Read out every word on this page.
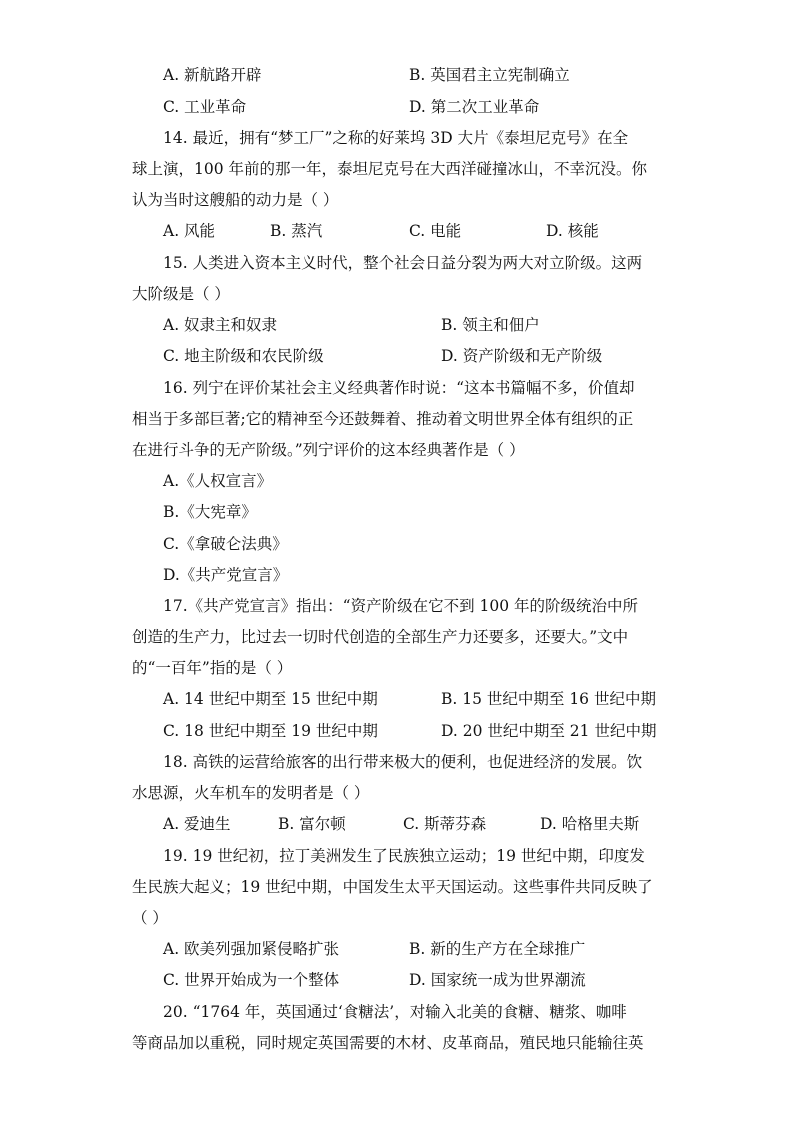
A. 新航路开辟	B. 英国君主立宪制确立
C. 工业革命	D. 第二次工业革命
14. 最近，拥有“梦工厂”之称的好莱坞 3D 大片《泰坦尼克号》在全
球上演，100 年前的那一年，泰坦尼克号在大西洋碰撞冰山，不幸沉没。你
认为当时这艘船的动力是（ ）
A. 风能	B. 蒸汽	C. 电能	D. 核能
15. 人类进入资本主义时代，整个社会日益分裂为两大对立阶级。这两
大阶级是（ ）
A. 奴隶主和奴隶	B. 领主和佃户
C. 地主阶级和农民阶级	D. 资产阶级和无产阶级
16. 列宁在评价某社会主义经典著作时说：“这本书篇幅不多，价值却
相当于多部巨著;它的精神至今还鼓舞着、推动着文明世界全体有组织的正
在进行斗争的无产阶级。”列宁评价的这本经典著作是（ ）
A.《人权宣言》
B.《大宪章》
C.《拿破仑法典》
D.《共产党宣言》
17.《共产党宣言》指出：“资产阶级在它不到 100 年的阶级统治中所
创造的生产力，比过去一切时代创造的全部生产力还要多，还要大。”文中
的“一百年”指的是（ ）
A. 14 世纪中期至 15 世纪中期	B. 15 世纪中期至 16 世纪中期
C. 18 世纪中期至 19 世纪中期	D. 20 世纪中期至 21 世纪中期
18. 高铁的运营给旅客的出行带来极大的便利，也促进经济的发展。饮
水思源，火车机车的发明者是（ ）
A. 爱迪生	B. 富尔顿	C. 斯蒂芬森	D. 哈格里夫斯
19. 19 世纪初，拉丁美洲发生了民族独立运动；19 世纪中期，印度发
生民族大起义；19 世纪中期，中国发生太平天国运动。这些事件共同反映了
（ ）
A. 欧美列强加紧侵略扩张	B. 新的生产方在全球推广
C. 世界开始成为一个整体	D. 国家统一成为世界潮流
20. “1764 年，英国通过‘食糖法’，对输入北美的食糖、糖浆、咖啡
等商品加以重税，同时规定英国需要的木材、皮革商品，殖民地只能输往英
